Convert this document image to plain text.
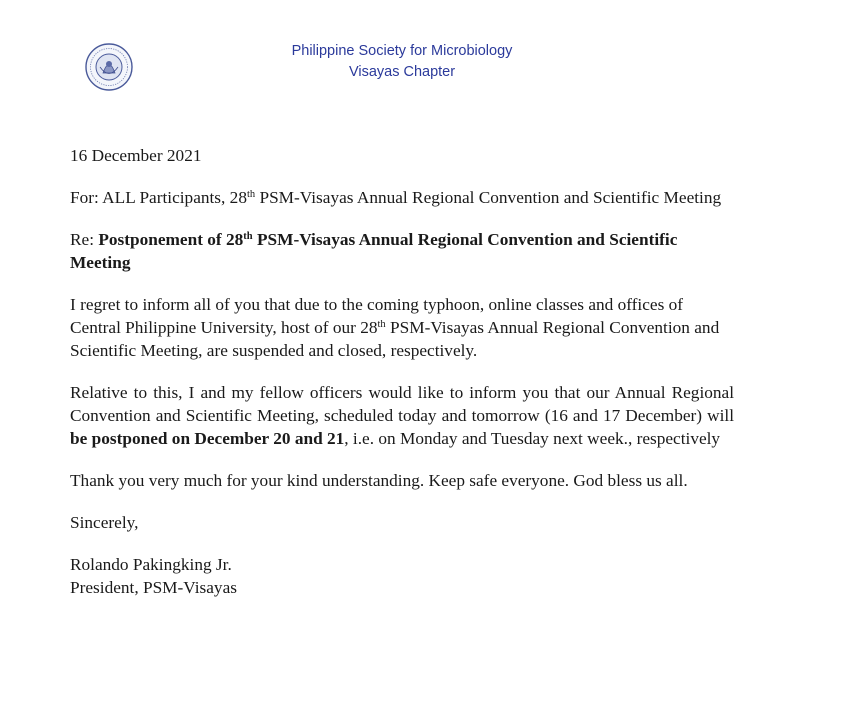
Philippine Society for Microbiology
Visayas Chapter

16 December 2021

For: ALL Participants, 28th PSM-Visayas Annual Regional Convention and Scientific Meeting

Re: Postponement of 28th PSM-Visayas Annual Regional Convention and Scientific Meeting

I regret to inform all of you that due to the coming typhoon, online classes and offices of Central Philippine University, host of our 28th PSM-Visayas Annual Regional Convention and Scientific Meeting, are suspended and closed, respectively.

Relative to this, I and my fellow officers would like to inform you that our Annual Regional Convention and Scientific Meeting, scheduled today and tomorrow (16 and 17 December) will be postponed on December 20 and 21, i.e. on Monday and Tuesday next week., respectively

Thank you very much for your kind understanding. Keep safe everyone. God bless us all.

Sincerely,

Rolando Pakingking Jr.

President, PSM-Visayas
